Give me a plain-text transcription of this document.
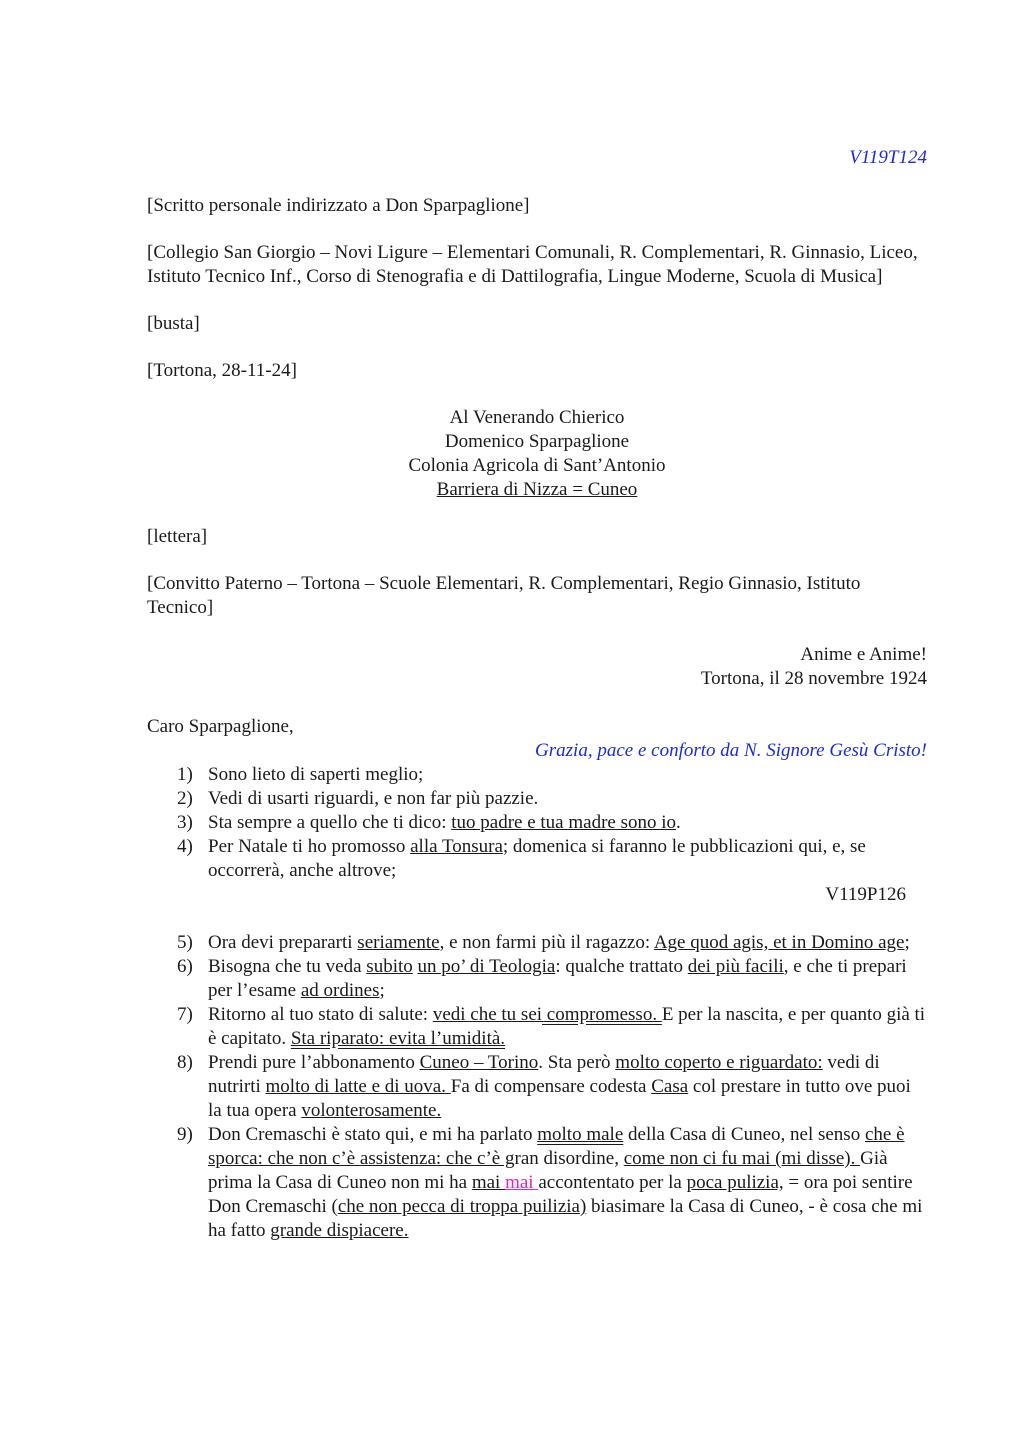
V119T124

[Scritto personale indirizzato a Don Sparpaglione]

[Collegio San Giorgio – Novi Ligure – Elementari Comunali, R. Complementari, R. Ginnasio, Liceo, Istituto Tecnico Inf., Corso di Stenografia e di Dattilografia, Lingue Moderne, Scuola di Musica]

[busta]

[Tortona, 28-11-24]

Al Venerando Chierico

Domenico Sparpaglione

Colonia Agricola di Sant’Antonio

Barriera di Nizza = Cuneo

[lettera]

[Convitto Paterno – Tortona – Scuole Elementari, R. Complementari, Regio Ginnasio, Istituto Tecnico]

Anime e Anime!

Tortona, il 28 novembre 1924

Caro Sparpaglione,

Grazia, pace e conforto da N. Signore Gesù Cristo!

1) Sono lieto di saperti meglio;
2) Vedi di usarti riguardi, e non far più pazzie.
3) Sta sempre a quello che ti dico: tuo padre e tua madre sono io.
4) Per Natale ti ho promosso alla Tonsura; domenica si faranno le pubblicazioni qui, e, se occorrerà, anche altrove;

V119P126

5) Ora devi prepararti seriamente, e non farmi più il ragazzo: Age quod agis, et in Domino age;
6) Bisogna che tu veda subito un po’ di Teologia: qualche trattato dei più facili, e che ti prepari per l’esame ad ordines;
7) Ritorno al tuo stato di salute: vedi che tu sei compromesso. E per la nascita, e per quanto già ti è capitato. Sta riparato: evita l’umidità.
8) Prendi pure l’abbonamento Cuneo – Torino. Sta però molto coperto e riguardato: vedi di nutrirti molto di latte e di uova. Fa di compensare codesta Casa col prestare in tutto ove puoi la tua opera volonterosamente.
9) Don Cremaschi è stato qui, e mi ha parlato molto male della Casa di Cuneo, nel senso che è sporca: che non c’è assistenza: che c’è gran disordine, come non ci fu mai (mi disse). Già prima la Casa di Cuneo non mi ha mai mai accontentato per la poca pulizia, = ora poi sentire Don Cremaschi (che non pecca di troppa puilizia) biasimare la Casa di Cuneo, - è cosa che mi ha fatto grande dispiacere.
